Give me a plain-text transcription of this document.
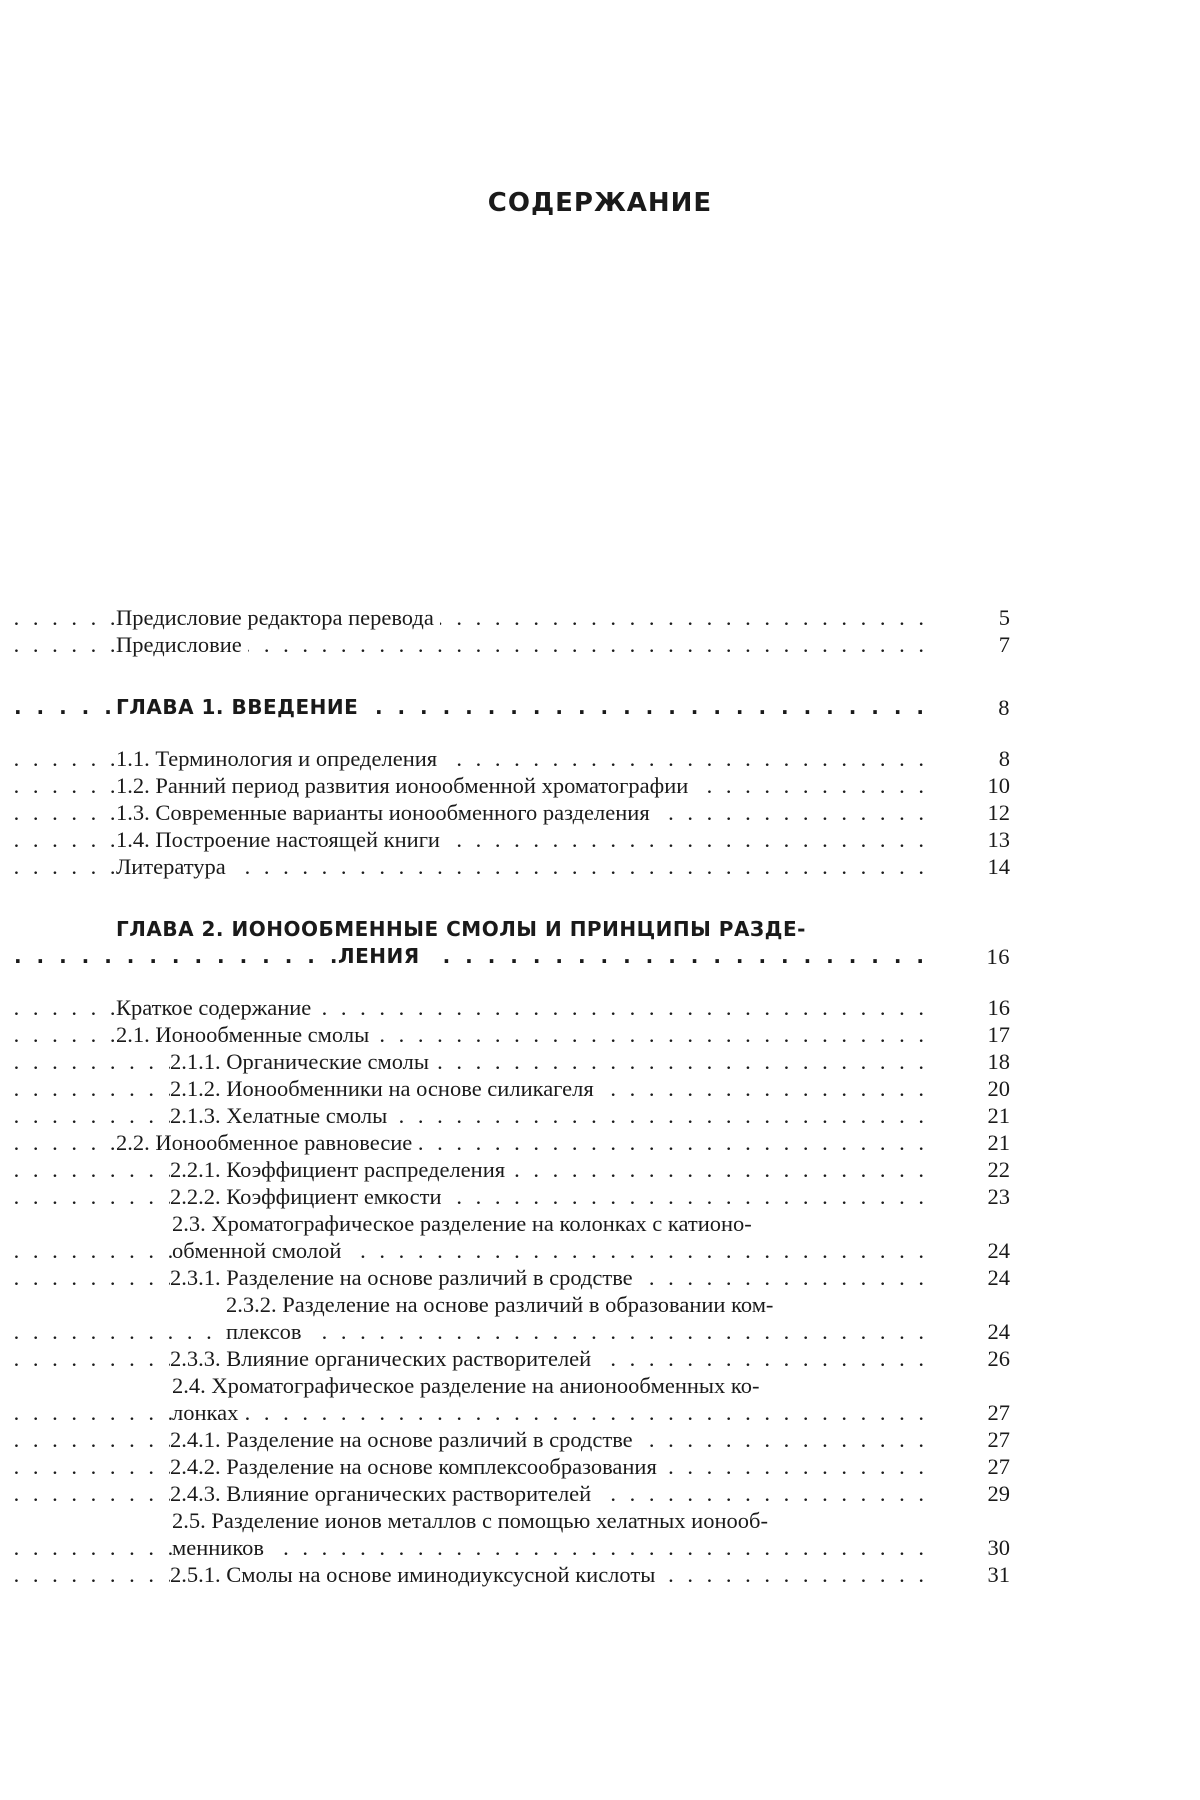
СОДЕРЖАНИЕ
. . .
Предисловие редактора перевода	5
. . .
Предисловие	7
. . .
ГЛАВА 1. ВВЕДЕНИЕ	8
. . .
1.1. Терминология и определения	8
. . .
1.2. Ранний период развития ионообменной хроматографии	10
. . .
1.3. Современные варианты ионообменного разделения	12
. . .
1.4. Построение настоящей книги	13
. . .
Литература	14
ГЛАВА 2. ИОНООБМЕННЫЕ СМОЛЫ И ПРИНЦИПЫ РАЗДЕ-
. . .
ЛЕНИЯ	16
. . .
Краткое содержание	16
. . .
2.1. Ионообменные смолы	17
. . .
2.1.1. Органические смолы	18
. . .
2.1.2. Ионообменники на основе силикагеля	20
. . .
2.1.3. Хелатные смолы	21
. . .
2.2. Ионообменное равновесие	21
. . .
2.2.1. Коэффициент распределения	22
. . .
2.2.2. Коэффициент емкости	23
2.3. Хроматографическое разделение на колонках с катионо-
. . .
обменной смолой	24
. . .
2.3.1. Разделение на основе различий в сродстве	24
2.3.2. Разделение на основе различий в образовании ком-
. . .
плексов	24
. . .
2.3.3. Влияние органических растворителей	26
2.4. Хроматографическое разделение на анионообменных ко-
. . .
лонках	27
. . .
2.4.1. Разделение на основе различий в сродстве	27
. . .
2.4.2. Разделение на основе комплексообразования	27
. . .
2.4.3. Влияние органических растворителей	29
2.5. Разделение ионов металлов с помощью хелатных ионооб-
. . .
менников	30
. . .
2.5.1. Смолы на основе иминодиуксусной кислоты	31
